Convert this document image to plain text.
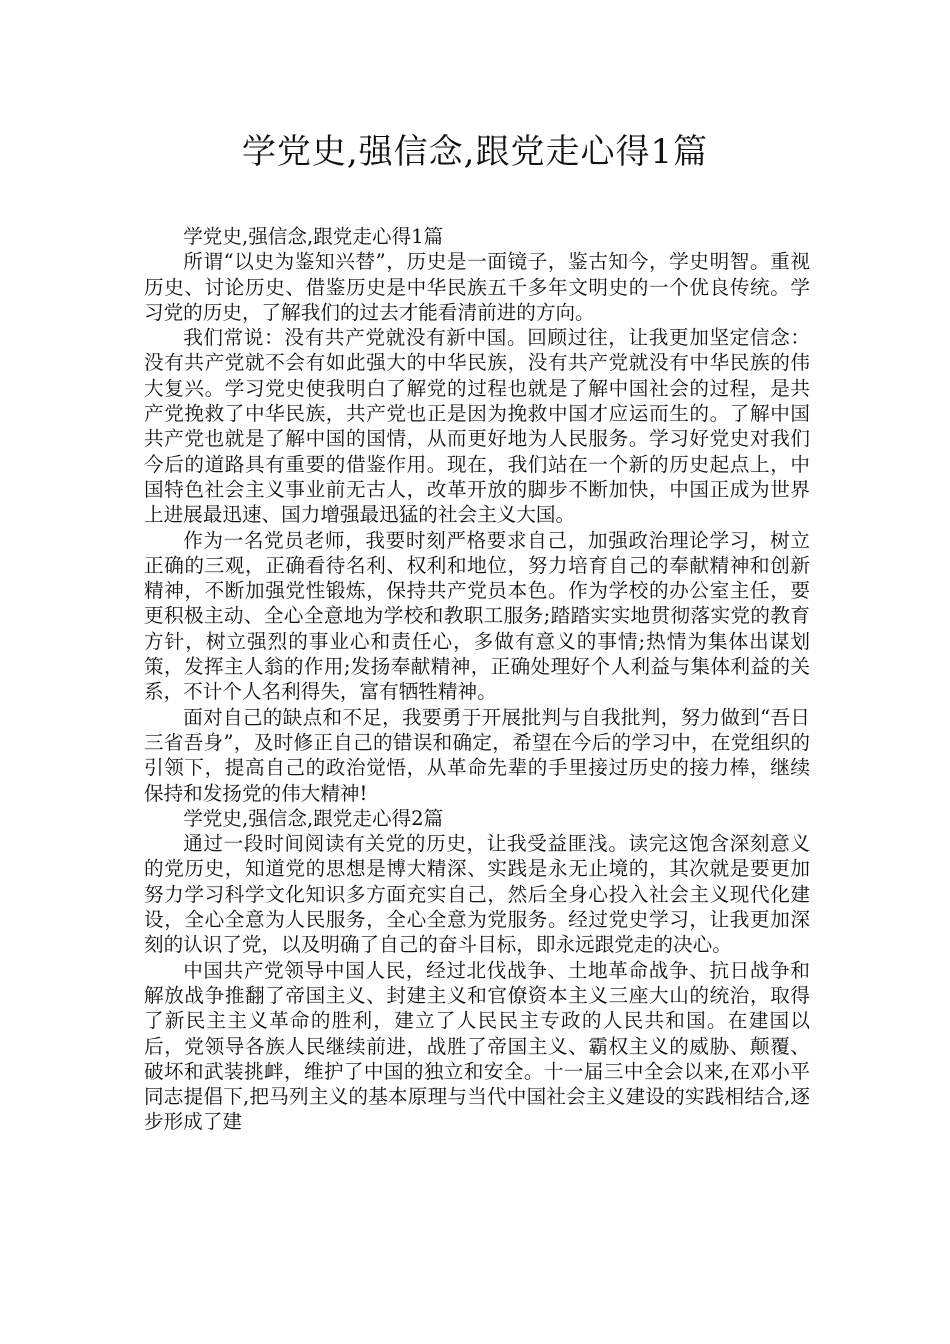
学党史,强信念,跟党走心得1篇

学党史,强信念,跟党走心得1篇

所谓“以史为鉴知兴替”，历史是一面镜子，鉴古知今，学史明智。重视历史、讨论历史、借鉴历史是中华民族五千多年文明史的一个优良传统。学习党的历史，了解我们的过去才能看清前进的方向。

我们常说：没有共产党就没有新中国。回顾过往，让我更加坚定信念：没有共产党就不会有如此强大的中华民族，没有共产党就没有中华民族的伟大复兴。学习党史使我明白了解党的过程也就是了解中国社会的过程，是共产党挽救了中华民族，共产党也正是因为挽救中国才应运而生的。了解中国共产党也就是了解中国的国情，从而更好地为人民服务。学习好党史对我们今后的道路具有重要的借鉴作用。现在，我们站在一个新的历史起点上，中国特色社会主义事业前无古人，改革开放的脚步不断加快，中国正成为世界上进展最迅速、国力增强最迅猛的社会主义大国。

作为一名党员老师，我要时刻严格要求自己，加强政治理论学习，树立正确的三观，正确看待名利、权利和地位，努力培育自己的奉献精神和创新精神，不断加强党性锻炼，保持共产党员本色。作为学校的办公室主任，要更积极主动、全心全意地为学校和教职工服务;踏踏实实地贯彻落实党的教育方针，树立强烈的事业心和责任心，多做有意义的事情;热情为集体出谋划策，发挥主人翁的作用;发扬奉献精神，正确处理好个人利益与集体利益的关系，不计个人名利得失，富有牺牲精神。

面对自己的缺点和不足，我要勇于开展批判与自我批判，努力做到“吾日三省吾身”，及时修正自己的错误和确定，希望在今后的学习中，在党组织的引领下，提高自己的政治觉悟，从革命先辈的手里接过历史的接力棒，继续保持和发扬党的伟大精神!

学党史,强信念,跟党走心得2篇

通过一段时间阅读有关党的历史，让我受益匪浅。读完这饱含深刻意义的党历史，知道党的思想是博大精深、实践是永无止境的，其次就是要更加努力学习科学文化知识多方面充实自己，然后全身心投入社会主义现代化建设，全心全意为人民服务，全心全意为党服务。经过党史学习，让我更加深刻的认识了党，以及明确了自己的奋斗目标，即永远跟党走的决心。

中国共产党领导中国人民，经过北伐战争、土地革命战争、抗日战争和解放战争推翻了帝国主义、封建主义和官僚资本主义三座大山的统治，取得了新民主主义革命的胜利，建立了人民民主专政的人民共和国。在建国以后，党领导各族人民继续前进，战胜了帝国主义、霸权主义的威胁、颠覆、破坏和武装挑衅，维护了中国的独立和安全。十一届三中全会以来,在邓小平同志提倡下,把马列主义的基本原理与当代中国社会主义建设的实践相结合,逐步形成了建
